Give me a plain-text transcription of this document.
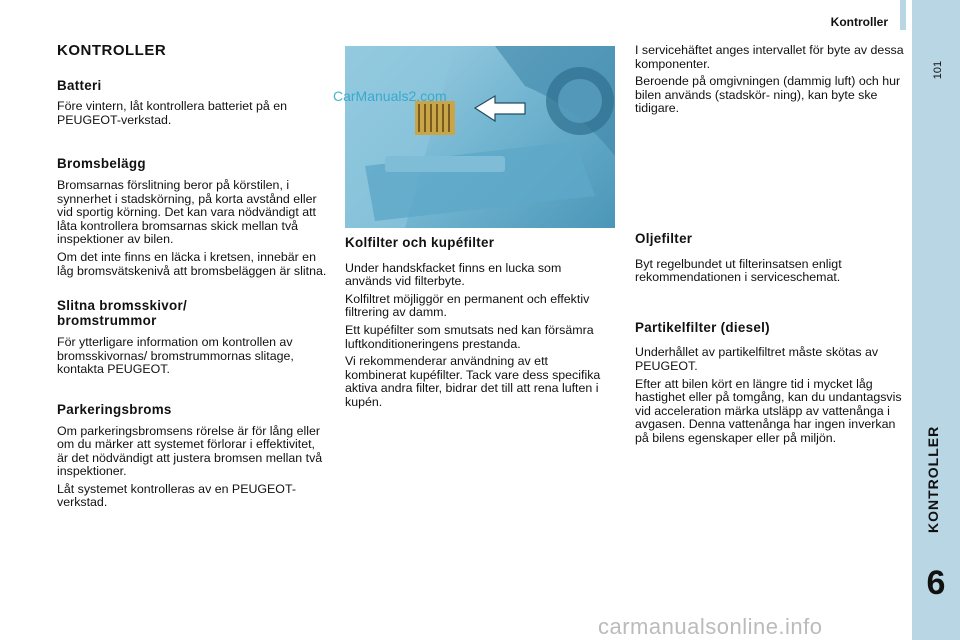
Kontroller
101
KONTROLLER
6
KONTROLLER
Batteri

Före vintern, låt kontrollera batteriet på en PEUGEOT-verkstad.

Bromsbelägg

Bromsarnas förslitning beror på körstilen, i synnerhet i stadskörning, på korta avstånd eller vid sportig körning. Det kan vara nödvändigt att låta kontrollera bromsarnas skick mellan två inspektioner av bilen.

Om det inte finns en läcka i kretsen, innebär en låg bromsvätskenivå att bromsbeläggen är slitna.

Slitna bromsskivor/
bromstrummor

För ytterligare information om kontrollen av bromsskivornas/ bromstrummornas slitage, kontakta PEUGEOT.

Parkeringsbroms

Om parkeringsbromsens rörelse är för lång eller om du märker att systemet förlorar i effektivitet, är det nödvändigt att justera bromsen mellan två inspektioner.

Låt systemet kontrolleras av en PEUGEOT-verkstad.

CarManuals2.com
Kolfilter och kupéfilter

Under handskfacket finns en lucka som används vid filterbyte.

Kolfiltret möjliggör en permanent och effektiv filtrering av damm.

Ett kupéfilter som smutsats ned kan försämra luftkonditioneringens prestanda.

Vi rekommenderar användning av ett kombinerat kupéfilter. Tack vare dess specifika aktiva andra filter, bidrar det till att rena luften i kupén.

I servicehäftet anges intervallet för byte av dessa komponenter.

Beroende på omgivningen (dammig luft) och hur bilen används (stadskör- ning), kan byte ske tidigare.

Oljefilter

Byt regelbundet ut filterinsatsen enligt rekommendationen i serviceschemat.

Partikelfilter (diesel)

Underhållet av partikelfiltret måste skötas av PEUGEOT.

Efter att bilen kört en längre tid i mycket låg hastighet eller på tomgång, kan du undantagsvis vid acceleration märka utsläpp av vattenånga i avgasen. Denna vattenånga har ingen inverkan på bilens egenskaper eller på miljön.

carmanualsonline.info
